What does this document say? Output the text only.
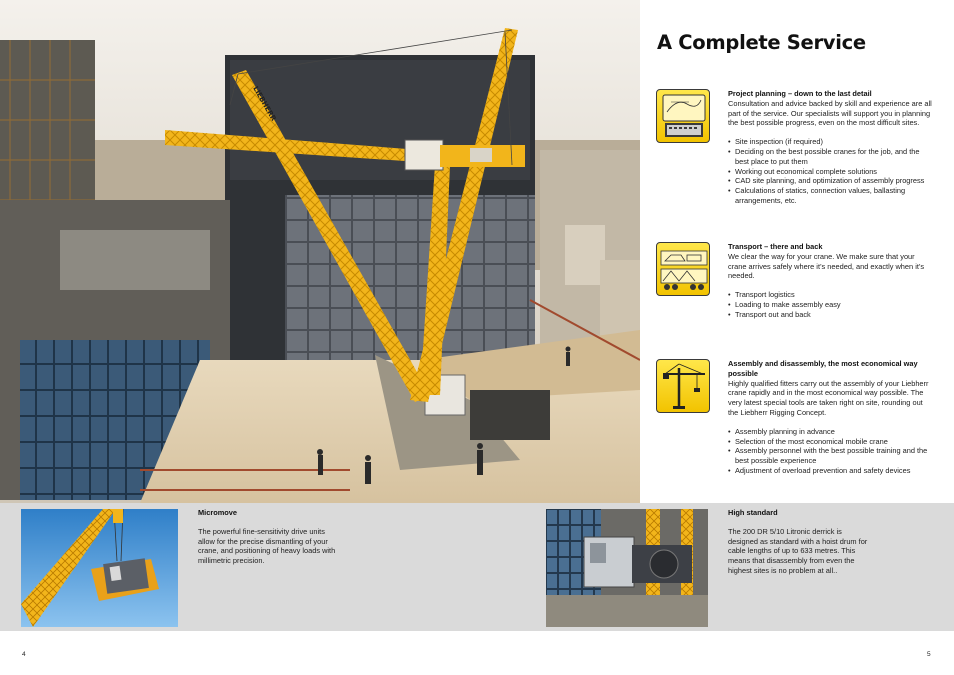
LIEBHERR
A Complete Service
Project planning – down to the last detail

Consultation and advice backed by skill and experience are all part of the service. Our specialists will support you in planning the best possible progress, even on the most difficult sites.

• Site inspection (if required)
• Deciding on the best possible cranes for the job, and the best place to put them
• Working out economical complete solutions
• CAD site planning, and optimization of assembly progress
• Calculations of statics, connection values, ballasting arrangements, etc.
Transport – there and back

We clear the way for your crane. We make sure that your crane arrives safely where it’s needed, and exactly when it’s needed.

• Transport logistics
• Loading to make assembly easy
• Transport out and back
Assembly and disassembly, the most economical way possible

Highly qualified fitters carry out the assembly of your Liebherr crane rapidly and in the most economical way possible. The very latest special tools are taken right on site, rounding out the Liebherr Rigging Concept.

• Assembly planning in advance
• Selection of the most economical mobile crane
• Assembly personnel with the best possible training and the best possible experience
• Adjustment of overload prevention and safety devices
Micromove

The powerful fine-sensitivity drive units allow for the precise dismantling of your crane, and positioning of heavy loads with millimetric precision.

High standard

The 200 DR 5/10 Litronic derrick is designed as standard with a hoist drum for cable lengths of up to 633 metres. This means that disassembly from even the highest sites is no problem at all..

4	5
